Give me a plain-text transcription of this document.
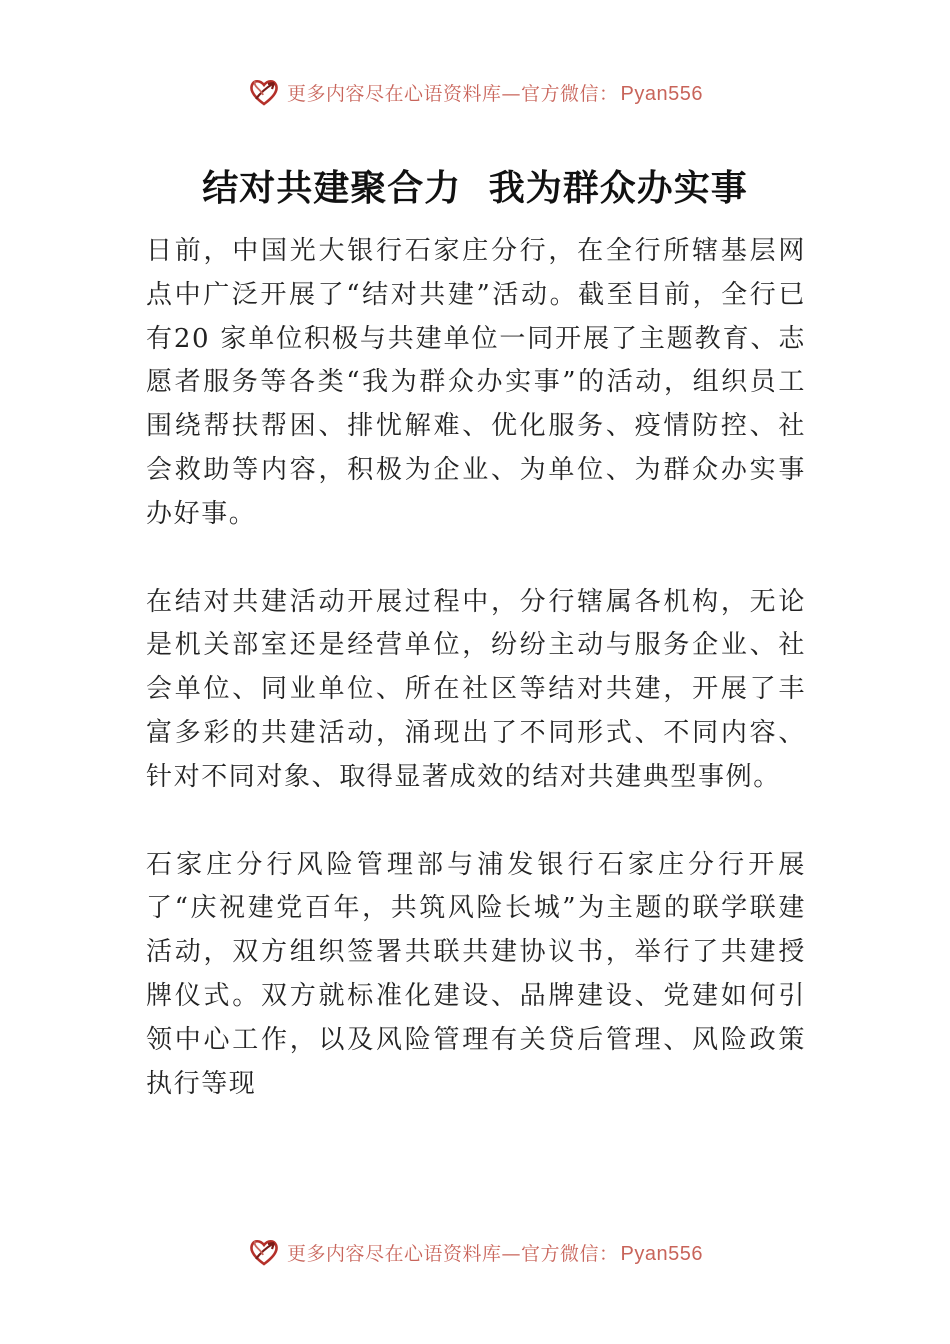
更多内容尽在心语资料库—官方微信： Pyan556
结对共建聚合力 我为群众办实事

日前，中国光大银行石家庄分行，在全行所辖基层网点中广泛开展了“结对共建”活动。截至目前，全行已有20 家单位积极与共建单位一同开展了主题教育、志愿者服务等各类“我为群众办实事”的活动，组织员工围绕帮扶帮困、排忧解难、优化服务、疫情防控、社会救助等内容，积极为企业、为单位、为群众办实事办好事。

在结对共建活动开展过程中，分行辖属各机构，无论是机关部室还是经营单位，纷纷主动与服务企业、社会单位、同业单位、所在社区等结对共建，开展了丰富多彩的共建活动，涌现出了不同形式、不同内容、针对不同对象、取得显著成效的结对共建典型事例。

石家庄分行风险管理部与浦发银行石家庄分行开展了“庆祝建党百年，共筑风险长城”为主题的联学联建活动，双方组织签署共联共建协议书，举行了共建授牌仪式。双方就标准化建设、品牌建设、党建如何引领中心工作，以及风险管理有关贷后管理、风险政策执行等现

更多内容尽在心语资料库—官方微信： Pyan556
